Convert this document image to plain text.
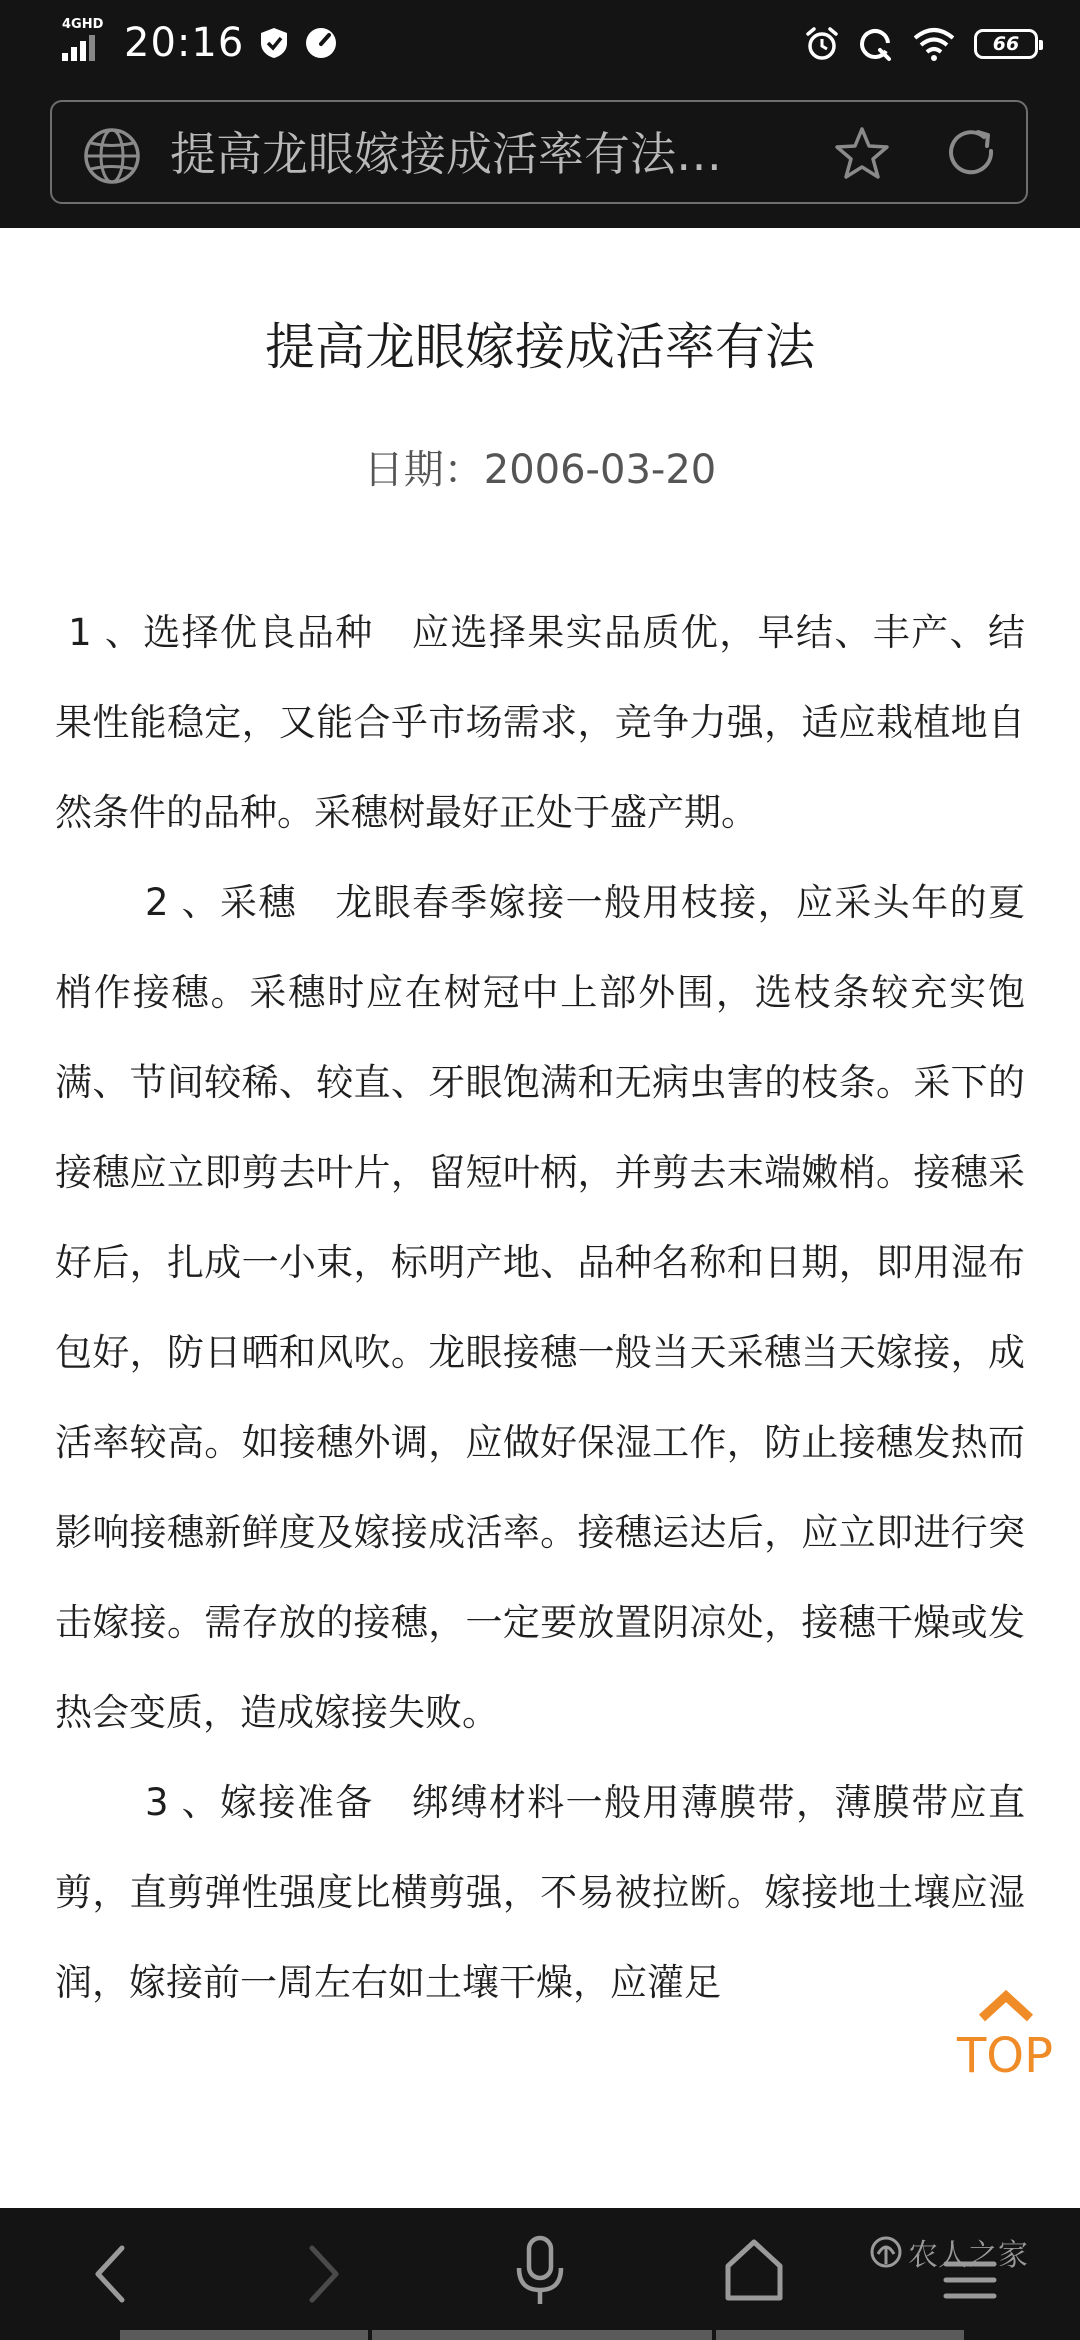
4GHD 20:16	66
提高龙眼嫁接成活率有法…
提高龙眼嫁接成活率有法
日期：2006-03-20

1 、选择优良品种　应选择果实品质优，早结、丰产、结果性能稳定，又能合乎市场需求，竞争力强，适应栽植地自然条件的品种。采穗树最好正处于盛产期。

　　 2 、采穗　龙眼春季嫁接一般用枝接，应采头年的夏梢作接穗。采穗时应在树冠中上部外围，选枝条较充实饱满、节间较稀、较直、牙眼饱满和无病虫害的枝条。采下的接穗应立即剪去叶片，留短叶柄，并剪去末端嫩梢。接穗采好后，扎成一小束，标明产地、品种名称和日期，即用湿布包好，防日晒和风吹。龙眼接穗一般当天采穗当天嫁接，成活率较高。如接穗外调，应做好保湿工作，防止接穗发热而影响接穗新鲜度及嫁接成活率。接穗运达后，应立即进行突击嫁接。需存放的接穗，一定要放置阴凉处，接穗干燥或发热会变质，造成嫁接失败。

　　 3 、嫁接准备　绑缚材料一般用薄膜带，薄膜带应直剪，直剪弹性强度比横剪强，不易被拉断。嫁接地土壤应湿润，嫁接前一周左右如土壤干燥，应灌足

TOP
农人之家
